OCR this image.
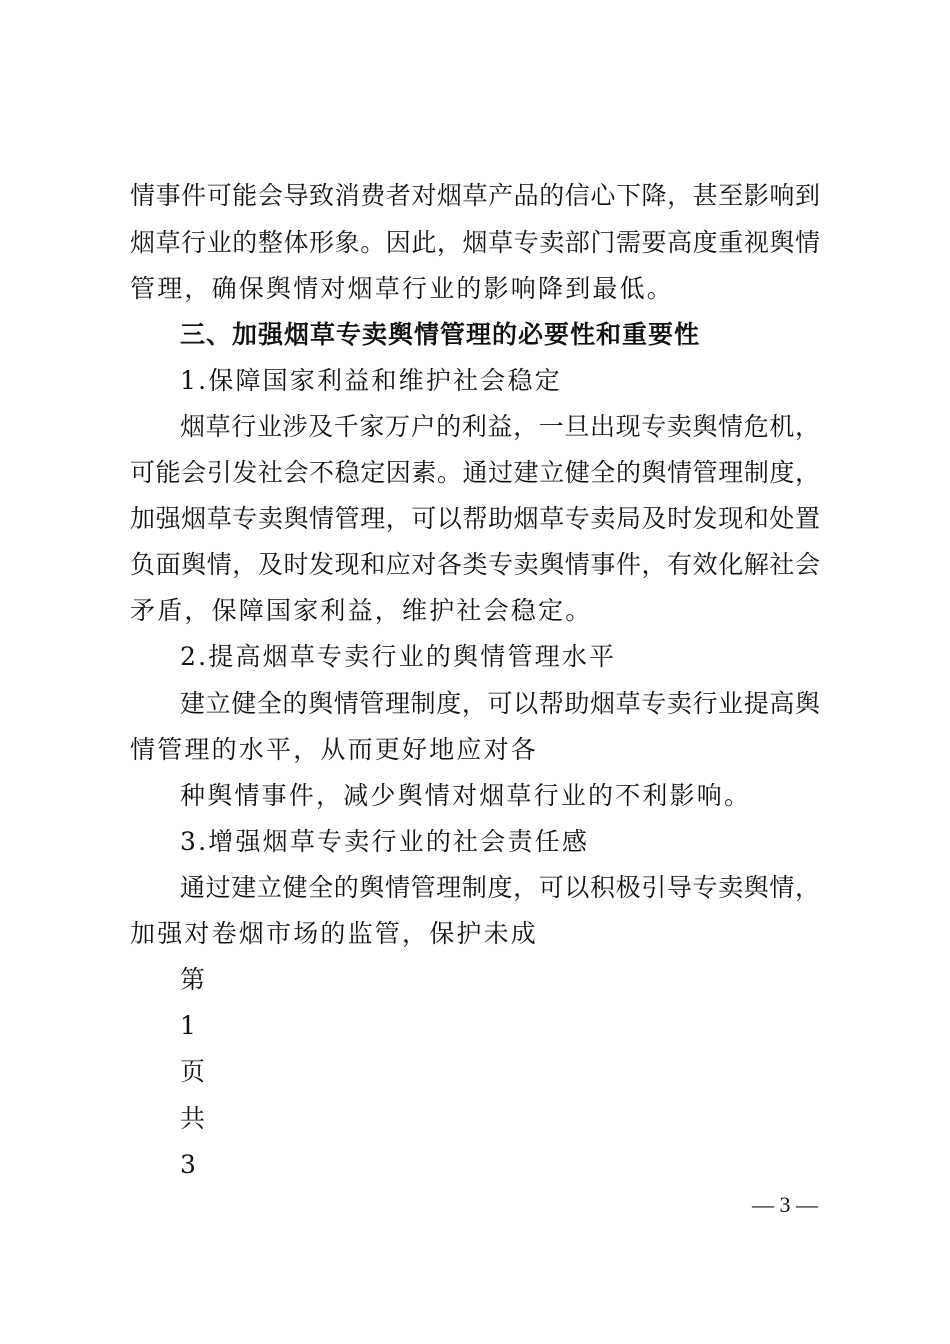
情事件可能会导致消费者对烟草产品的信心下降，甚至影响到
烟草行业的整体形象。因此，烟草专卖部门需要高度重视舆情
管理，确保舆情对烟草行业的影响降到最低。
三、加强烟草专卖舆情管理的必要性和重要性
1.保障国家利益和维护社会稳定
烟草行业涉及千家万户的利益，一旦出现专卖舆情危机，
可能会引发社会不稳定因素。通过建立健全的舆情管理制度，
加强烟草专卖舆情管理，可以帮助烟草专卖局及时发现和处置
负面舆情，及时发现和应对各类专卖舆情事件，有效化解社会
矛盾，保障国家利益，维护社会稳定。
2.提高烟草专卖行业的舆情管理水平
建立健全的舆情管理制度，可以帮助烟草专卖行业提高舆
情管理的水平，从而更好地应对各
种舆情事件，减少舆情对烟草行业的不利影响。
3.增强烟草专卖行业的社会责任感
通过建立健全的舆情管理制度，可以积极引导专卖舆情，
加强对卷烟市场的监管，保护未成
第
1
页
共
3
— 3 —
